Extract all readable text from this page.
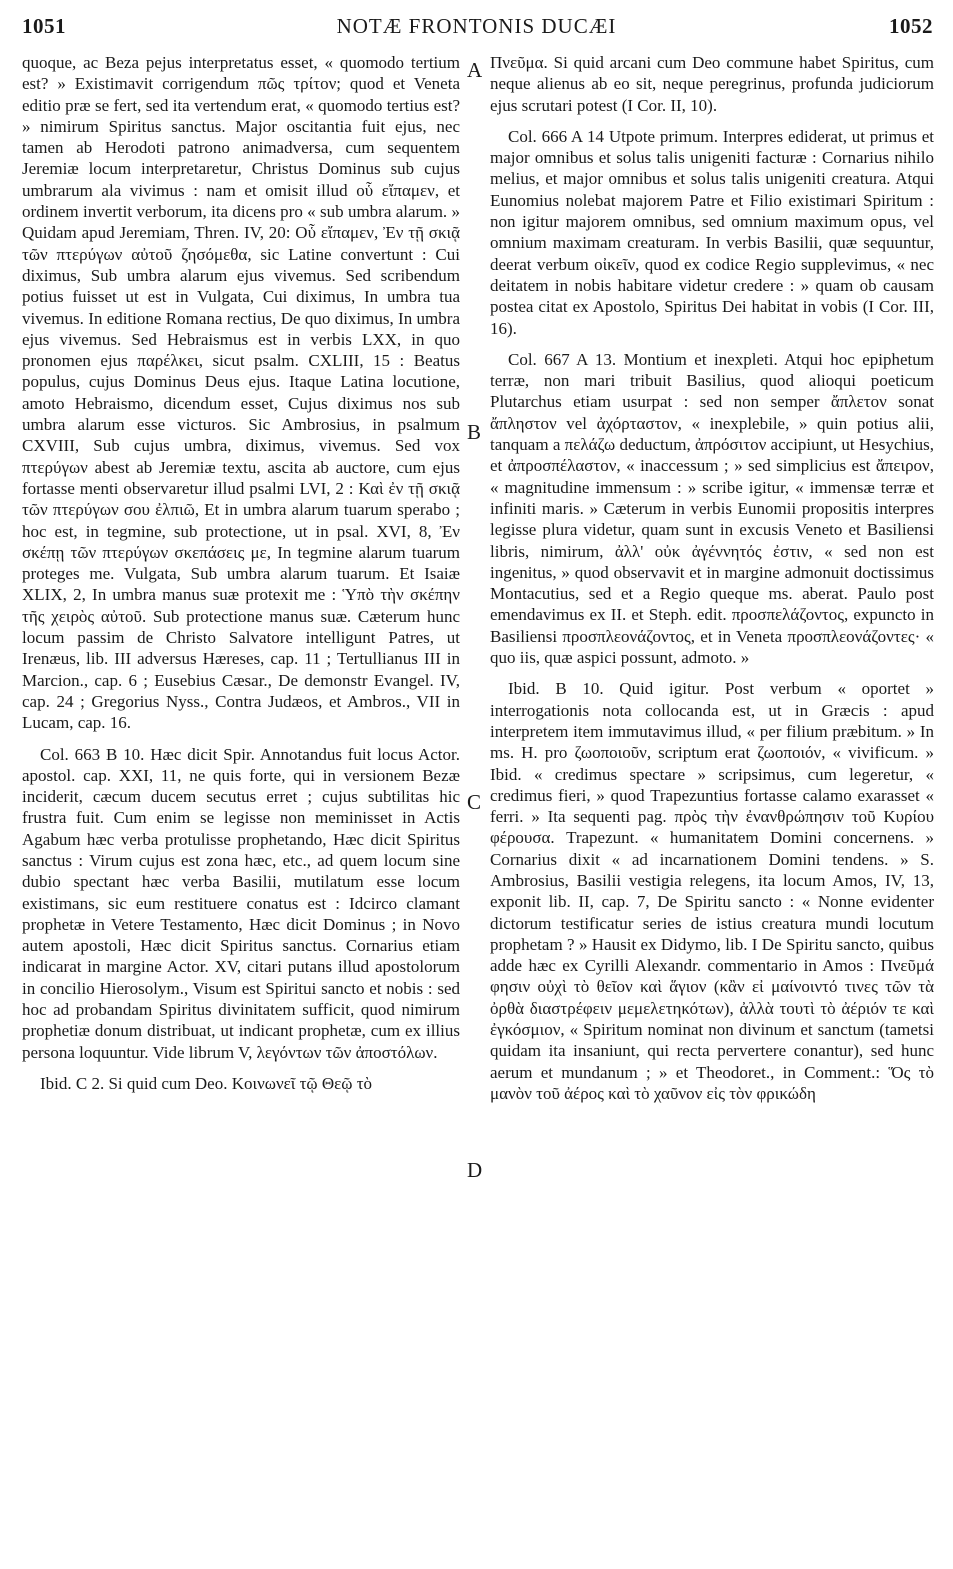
1051	NOTÆ FRONTONIS DUCÆI	1052

quoque, ac Beza pejus interpretatus esset, « quomodo tertium est? » Existimavit corrigendum πῶς τρίτον; quod et Veneta editio præ se fert, sed ita vertendum erat, « quomodo tertius est? » nimirum Spiritus sanctus. Major oscitantia fuit ejus, nec tamen ab Herodoti patrono animadversa, cum sequentem Jeremiæ locum interpretaretur, Christus Dominus sub cujus umbrarum ala vivimus : nam et omisit illud οὗ εἴπαμεν, et ordinem invertit verborum, ita dicens pro « sub umbra alarum. » Quidam apud Jeremiam, Thren. IV, 20: Οὗ εἴπαμεν, Ἐν τῇ σκιᾷ τῶν πτερύγων αὐτοῦ ζησόμεθα, sic Latine convertunt : Cui diximus, Sub umbra alarum ejus vivemus. Sed scribendum potius fuisset ut est in Vulgata, Cui diximus, In umbra tua vivemus. In editione Romana rectius, De quo diximus, In umbra ejus vivemus. Sed Hebraismus est in verbis LXX, in quo pronomen ejus παρέλκει, sicut psalm. CXLIII, 15 : Beatus populus, cujus Dominus Deus ejus. Itaque Latina locutione, amoto Hebraismo, dicendum esset, Cujus diximus nos sub umbra alarum esse victuros. Sic Ambrosius, in psalmum CXVIII, Sub cujus umbra, diximus, vivemus. Sed vox πτερύγων abest ab Jeremiæ textu, ascita ab auctore, cum ejus fortasse menti observaretur illud psalmi LVI, 2 : Καὶ ἐν τῇ σκιᾷ τῶν πτερύγων σου ἐλπιῶ, Et in umbra alarum tuarum sperabo ; hoc est, in tegmine, sub protectione, ut in psal. XVI, 8, Ἐν σκέπῃ τῶν πτερύγων σκεπάσεις με, In tegmine alarum tuarum proteges me. Vulgata, Sub umbra alarum tuarum. Et Isaiæ XLIX, 2, In umbra manus suæ protexit me : Ὑπὸ τὴν σκέπην τῆς χειρὸς αὐτοῦ. Sub protectione manus suæ. Cæterum hunc locum passim de Christo Salvatore intelligunt Patres, ut Irenæus, lib. III adversus Hæreses, cap. 11 ; Tertullianus III in Marcion., cap. 6 ; Eusebius Cæsar., De demonstr Evangel. IV, cap. 24 ; Gregorius Nyss., Contra Judæos, et Ambros., VII in Lucam, cap. 16.

Col. 663 B 10. Hæc dicit Spir. Annotandus fuit locus Actor. apostol. cap. XXI, 11, ne quis forte, qui in versionem Bezæ inciderit, cæcum ducem secutus erret ; cujus subtilitas hic frustra fuit. Cum enim se legisse non meminisset in Actis Agabum hæc verba protulisse prophetando, Hæc dicit Spiritus sanctus : Virum cujus est zona hæc, etc., ad quem locum sine dubio spectant hæc verba Basilii, mutilatum esse locum existimans, sic eum restituere conatus est : Idcirco clamant prophetæ in Vetere Testamento, Hæc dicit Dominus ; in Novo autem apostoli, Hæc dicit Spiritus sanctus. Cornarius etiam indicarat in margine Actor. XV, citari putans illud apostolorum in concilio Hierosolym., Visum est Spiritui sancto et nobis : sed hoc ad probandam Spiritus divinitatem sufficit, quod nimirum prophetiæ donum distribuat, ut indicant prophetæ, cum ex illius persona loquuntur. Vide librum V, λεγόντων τῶν ἀποστόλων.

Ibid. C 2. Si quid cum Deo. Κοινωνεῖ τῷ Θεῷ τὸ

A
B
C
D

Πνεῦμα. Si quid arcani cum Deo commune habet Spiritus, cum neque alienus ab eo sit, neque peregrinus, profunda judiciorum ejus scrutari potest (I Cor. II, 10).

Col. 666 A 14 Utpote primum. Interpres ediderat, ut primus et major omnibus et solus talis unigeniti facturæ : Cornarius nihilo melius, et major omnibus et solus talis unigeniti creatura. Atqui Eunomius nolebat majorem Patre et Filio existimari Spiritum : non igitur majorem omnibus, sed omnium maximum opus, vel omnium maximam creaturam. In verbis Basilii, quæ sequuntur, deerat verbum οἰκεῖν, quod ex codice Regio supplevimus, « nec deitatem in nobis habitare videtur credere : » quam ob causam postea citat ex Apostolo, Spiritus Dei habitat in vobis (I Cor. III, 16).

Col. 667 A 13. Montium et inexpleti. Atqui hoc epiphetum terræ, non mari tribuit Basilius, quod alioqui poeticum Plutarchus etiam usurpat : sed non semper ἄπλετον sonat ἄπληστον vel ἀχόρταστον, « inexplebile, » quin potius alii, tanquam a πελάζω deductum, ἀπρόσιτον accipiunt, ut Hesychius, et ἀπροσπέλαστον, « inaccessum ; » sed simplicius est ἄπειρον, « magnitudine immensum : » scribe igitur, « immensæ terræ et infiniti maris. » Cæterum in verbis Eunomii propositis interpres legisse plura videtur, quam sunt in excusis Veneto et Basiliensi libris, nimirum, ἀλλ' οὐκ ἀγέννητός ἐστιν, « sed non est ingenitus, » quod observavit et in margine admonuit doctissimus Montacutius, sed et a Regio queque ms. aberat. Paulo post emendavimus ex II. et Steph. edit. προσπελάζοντος, expuncto in Basiliensi προσπλεονάζοντος, et in Veneta προσπλεονάζοντες· « quo iis, quæ aspici possunt, admoto. »

Ibid. B 10. Quid igitur. Post verbum « oportet » interrogationis nota collocanda est, ut in Græcis : apud interpretem item immutavimus illud, « per filium præbitum. » In ms. H. pro ζωοποιοῦν, scriptum erat ζωοποιόν, « vivificum. » Ibid. « credimus spectare » scripsimus, cum legeretur, « credimus fieri, » quod Trapezuntius fortasse calamo exarasset « ferri. » Ita sequenti pag. πρὸς τὴν ἐνανθρώπησιν τοῦ Κυρίου φέρουσα. Trapezunt. « humanitatem Domini concernens. » Cornarius dixit « ad incarnationem Domini tendens. » S. Ambrosius, Basilii vestigia relegens, ita locum Amos, IV, 13, exponit lib. II, cap. 7, De Spiritu sancto : « Nonne evidenter dictorum testificatur series de istius creatura mundi locutum prophetam ? » Hausit ex Didymo, lib. I De Spiritu sancto, quibus adde hæc ex Cyrilli Alexandr. commentario in Amos : Πνεῦμά φησιν οὐχὶ τὸ θεῖον καὶ ἅγιον (κἂν εἰ μαίνοιντό τινες τῶν τὰ ὀρθὰ διαστρέφειν μεμελετηκότων), ἀλλὰ τουτὶ τὸ ἀέριόν τε καὶ ἐγκόσμιον, « Spiritum nominat non divinum et sanctum (tametsi quidam ita insaniunt, qui recta pervertere conantur), sed hunc aerum et mundanum ; » et Theodoret., in Comment.: Ὅς τὸ μανὸν τοῦ ἀέρος καὶ τὸ χαῦνον εἰς τὸν φρικώδη
